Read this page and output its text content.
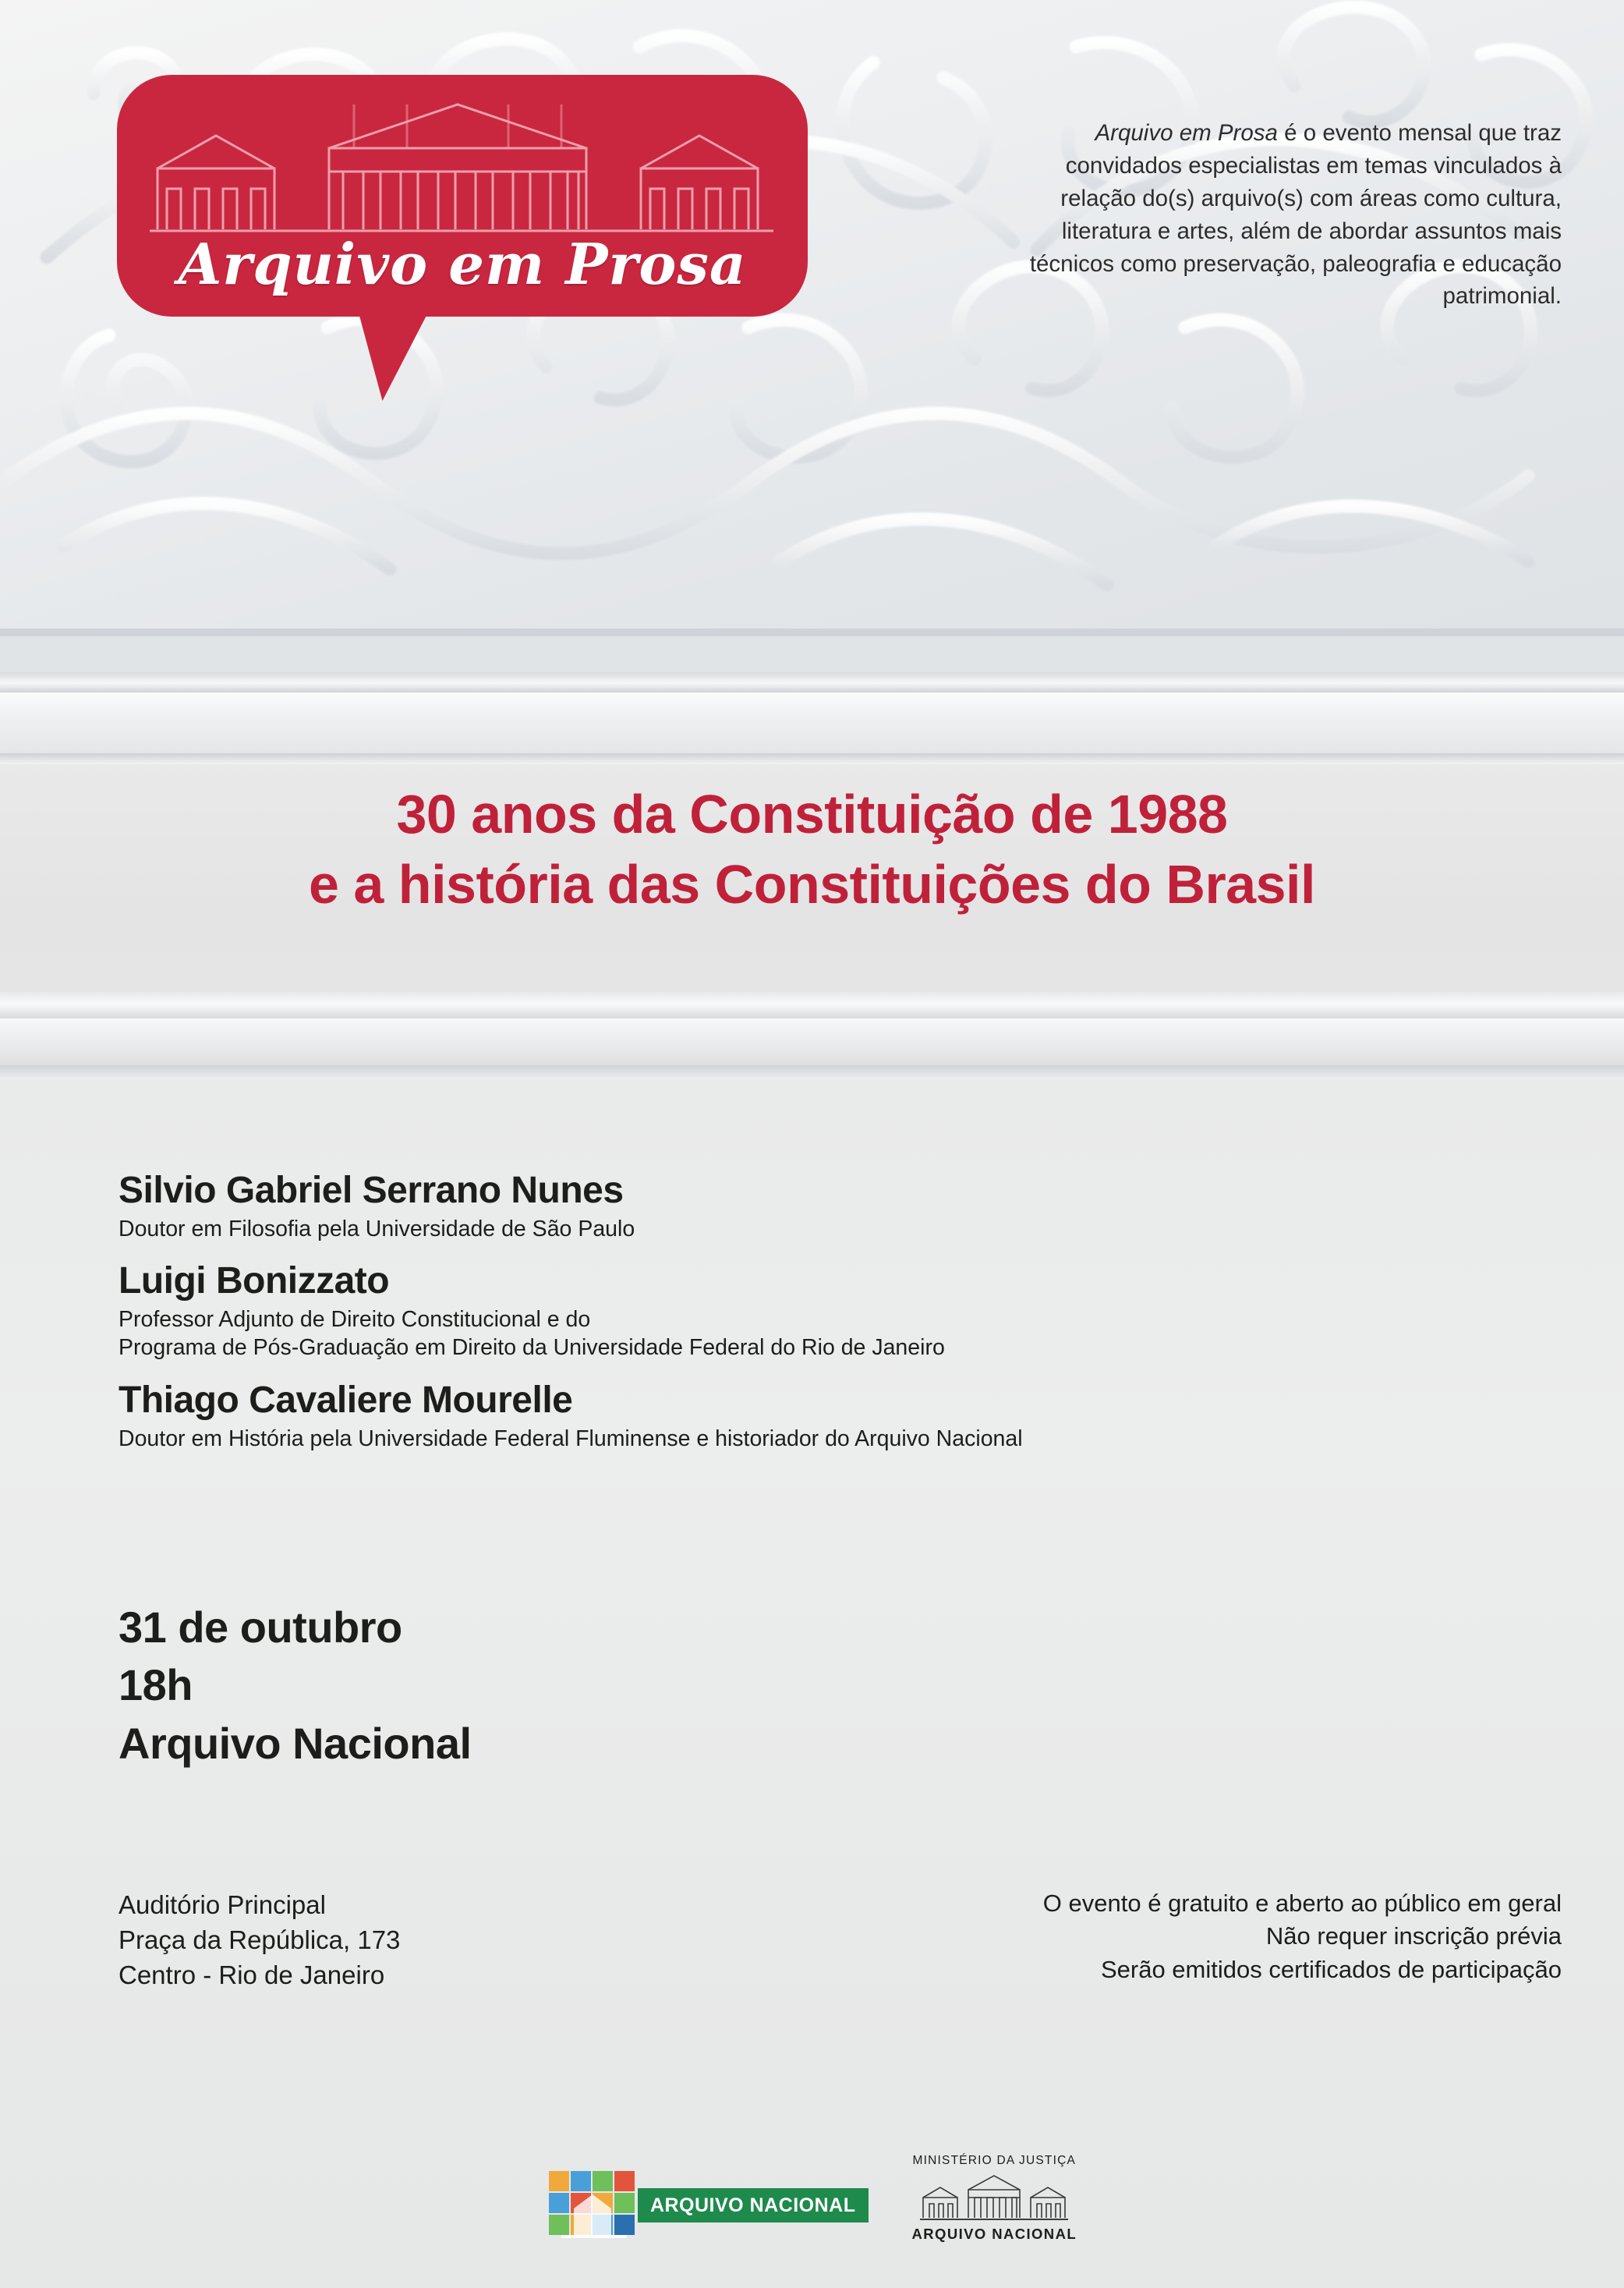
Arquivo em Prosa

Arquivo em Prosa é o evento mensal que traz convidados especialistas em temas vinculados à relação do(s) arquivo(s) com áreas como cultura, literatura e artes, além de abordar assuntos mais técnicos como preservação, paleografia e educação patrimonial.

30 anos da Constituição de 1988
e a história das Constituições do Brasil
Silvio Gabriel Serrano Nunes
Doutor em Filosofia pela Universidade de São Paulo
Luigi Bonizzato
Professor Adjunto de Direito Constitucional e do
Programa de Pós-Graduação em Direito da Universidade Federal do Rio de Janeiro
Thiago Cavaliere Mourelle
Doutor em História pela Universidade Federal Fluminense e historiador do Arquivo Nacional
31 de outubro
18h
Arquivo Nacional
Auditório Principal
Praça da República, 173
Centro - Rio de Janeiro
O evento é gratuito e aberto ao público em geral
Não requer inscrição prévia
Serão emitidos certificados de participação
ARQUIVO NACIONAL
MINISTÉRIO DA JUSTIÇA
ARQUIVO NACIONAL
